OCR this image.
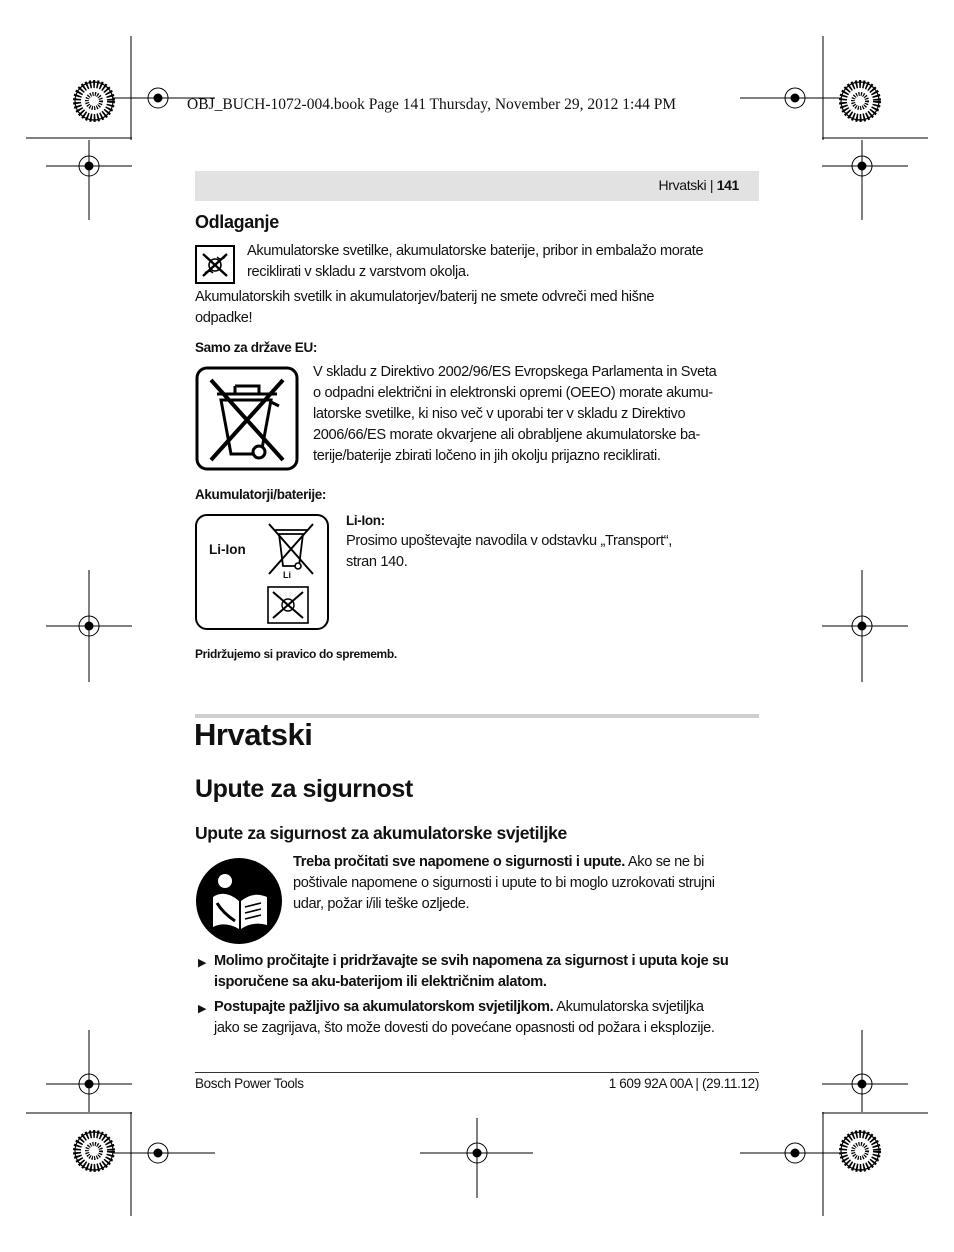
OBJ_BUCH-1072-004.book Page 141 Thursday, November 29, 2012 1:44 PM
Hrvatski | 141
Odlaganje
Akumulatorske svetilke, akumulatorske baterije, pribor in embalažo morate
reciklirati v skladu z varstvom okolja.
Akumulatorskih svetilk in akumulatorjev/baterij ne smete odvreči med hišne
odpadke!
Samo za države EU:
V skladu z Direktivo 2002/96/ES Evropskega Parlamenta in Sveta
o odpadni električni in elektronski opremi (OEEO) morate akumu-
latorske svetilke, ki niso več v uporabi ter v skladu z Direktivo
2006/66/ES morate okvarjene ali obrabljene akumulatorske ba-
terije/baterije zbirati ločeno in jih okolju prijazno reciklirati.
Akumulatorji/baterije:
Li-Ion
Li
Li-Ion:
Prosimo upoštevajte navodila v odstavku „Transport“,
stran 140.
Pridržujemo si pravico do sprememb.
Hrvatski
Upute za sigurnost
Upute za sigurnost za akumulatorske svjetiljke
Treba pročitati sve napomene o sigurnosti i upute. Ako se ne bi
poštivale napomene o sigurnosti i upute to bi moglo uzrokovati strujni
udar, požar i/ili teške ozljede.
▶ Molimo pročitajte i pridržavajte se svih napomena za sigurnost i uputa koje su
isporučene sa aku-baterijom ili električnim alatom.
▶ Postupajte pažljivo sa akumulatorskom svjetiljkom. Akumulatorska svjetiljka
jako se zagrijava, što može dovesti do povećane opasnosti od požara i eksplozije.
Bosch Power Tools	1 609 92A 00A | (29.11.12)
